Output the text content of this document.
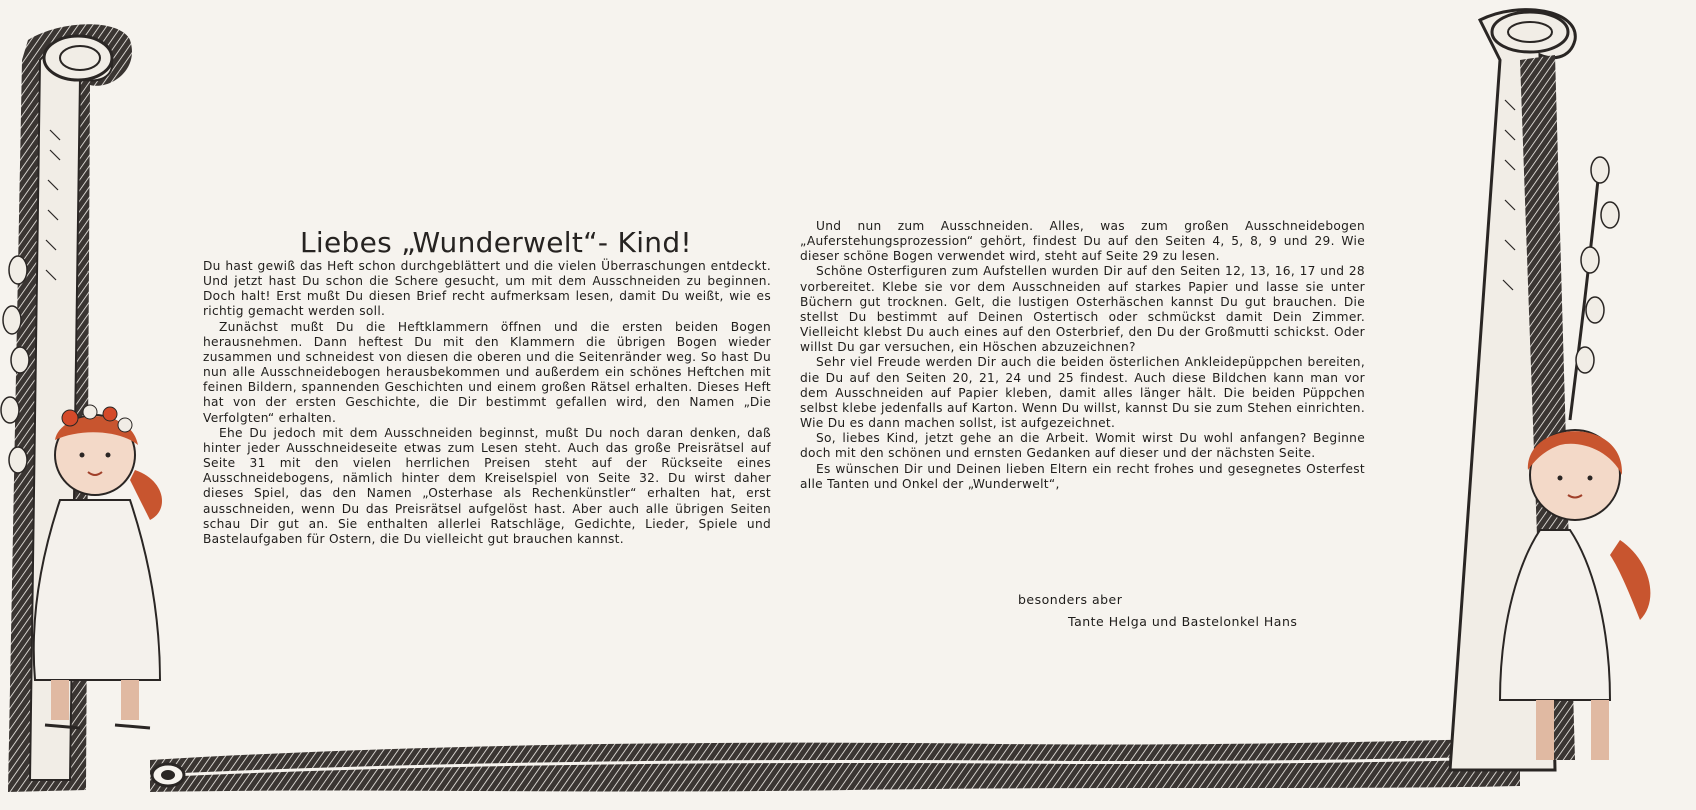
Liebes „Wunderwelt“- Kind!

Du hast gewiß das Heft schon durchgeblättert und die vielen Überraschungen entdeckt. Und jetzt hast Du schon die Schere gesucht, um mit dem Ausschneiden zu beginnen. Doch halt! Erst mußt Du diesen Brief recht aufmerksam lesen, damit Du weißt, wie es richtig gemacht werden soll.

Zunächst mußt Du die Heftklammern öffnen und die ersten beiden Bogen herausnehmen. Dann heftest Du mit den Klammern die übrigen Bogen wieder zusammen und schneidest von diesen die oberen und die Seitenränder weg. So hast Du nun alle Ausschneidebogen herausbekommen und außerdem ein schönes Heftchen mit feinen Bildern, spannenden Geschichten und einem großen Rätsel erhalten. Dieses Heft hat von der ersten Geschichte, die Dir bestimmt gefallen wird, den Namen „Die Verfolgten“ erhalten.

Ehe Du jedoch mit dem Ausschneiden beginnst, mußt Du noch daran denken, daß hinter jeder Ausschneideseite etwas zum Lesen steht. Auch das große Preisrätsel auf Seite 31 mit den vielen herrlichen Preisen steht auf der Rückseite eines Ausschneidebogens, nämlich hinter dem Kreiselspiel von Seite 32. Du wirst daher dieses Spiel, das den Namen „Osterhase als Rechenkünstler“ erhalten hat, erst ausschneiden, wenn Du das Preisrätsel aufgelöst hast. Aber auch alle übrigen Seiten schau Dir gut an. Sie enthalten allerlei Ratschläge, Gedichte, Lieder, Spiele und Bastelaufgaben für Ostern, die Du vielleicht gut brauchen kannst.

Und nun zum Ausschneiden. Alles, was zum großen Ausschneidebogen „Auferstehungsprozession“ gehört, findest Du auf den Seiten 4, 5, 8, 9 und 29. Wie dieser schöne Bogen verwendet wird, steht auf Seite 29 zu lesen.

Schöne Osterfiguren zum Aufstellen wurden Dir auf den Seiten 12, 13, 16, 17 und 28 vorbereitet. Klebe sie vor dem Ausschneiden auf starkes Papier und lasse sie unter Büchern gut trocknen. Gelt, die lustigen Osterhäschen kannst Du gut brauchen. Die stellst Du bestimmt auf Deinen Ostertisch oder schmückst damit Dein Zimmer. Vielleicht klebst Du auch eines auf den Osterbrief, den Du der Großmutti schickst. Oder willst Du gar versuchen, ein Höschen abzuzeichnen?

Sehr viel Freude werden Dir auch die beiden österlichen Ankleidepüppchen bereiten, die Du auf den Seiten 20, 21, 24 und 25 findest. Auch diese Bildchen kann man vor dem Ausschneiden auf Papier kleben, damit alles länger hält. Die beiden Püppchen selbst klebe jedenfalls auf Karton. Wenn Du willst, kannst Du sie zum Stehen einrichten. Wie Du es dann machen sollst, ist aufgezeichnet.

So, liebes Kind, jetzt gehe an die Arbeit. Womit wirst Du wohl anfangen? Beginne doch mit den schönen und ernsten Gedanken auf dieser und der nächsten Seite.

Es wünschen Dir und Deinen lieben Eltern ein recht frohes und gesegnetes Osterfest alle Tanten und Onkel der „Wunderwelt“,

besonders aber
Tante Helga und Bastelonkel Hans
